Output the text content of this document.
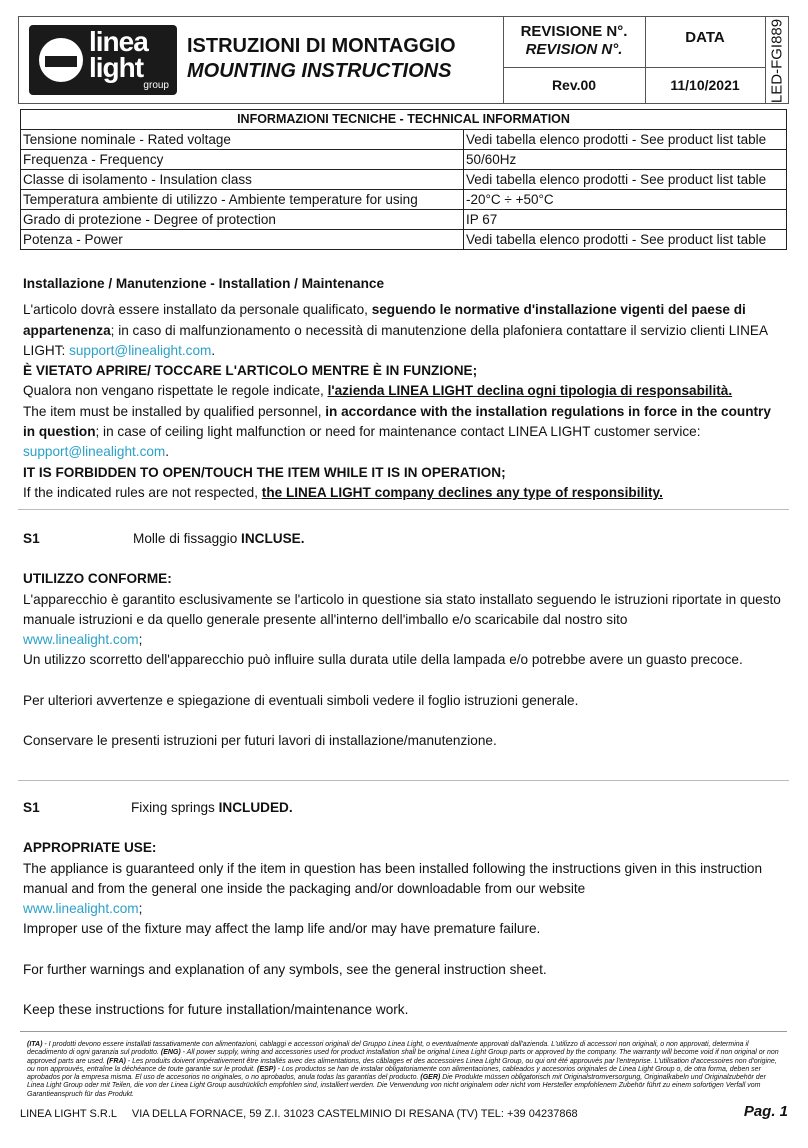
linea light
group
ISTRUZIONI DI MONTAGGIO
MOUNTING INSTRUCTIONS
REVISIONE N°.
REVISION N°.
DATA
Rev.00	11/10/2021	LED-FGI889
INFORMAZIONI TECNICHE - TECHNICAL INFORMATION	
Tensione nominale - Rated voltage	Vedi tabella elenco prodotti - See product list table
Frequenza - Frequency	50/60Hz
Classe di isolamento - Insulation class	Vedi tabella elenco prodotti - See product list table
Temperatura ambiente di utilizzo - Ambiente temperature for using	-20°C ÷ +50°C
Grado di protezione - Degree of protection	IP 67
Potenza - Power	Vedi tabella elenco prodotti - See product list table
Installazione / Manutenzione - Installation / Maintenance
L'articolo dovrà essere installato da personale qualificato, seguendo le normative d'installazione vigenti del paese di appartenenza; in caso di malfunzionamento o necessità di manutenzione della plafoniera contattare il servizio clienti LINEA LIGHT: support@linealight.com.
È VIETATO APRIRE/ TOCCARE L'ARTICOLO MENTRE È IN FUNZIONE;
Qualora non vengano rispettate le regole indicate, l'azienda LINEA LIGHT declina ogni tipologia di responsabilità.
The item must be installed by qualified personnel, in accordance with the installation regulations in force in the country in question; in case of ceiling light malfunction or need for maintenance contact LINEA LIGHT customer service:
support@linealight.com.
IT IS FORBIDDEN TO OPEN/TOUCH THE ITEM WHILE IT IS IN OPERATION;
If the indicated rules are not respected, the LINEA LIGHT company declines any type of responsibility.
S1	Molle di fissaggio INCLUSE.
UTILIZZO CONFORME:
L'apparecchio è garantito esclusivamente se l'articolo in questione sia stato installato seguendo le istruzioni riportate in questo manuale istruzioni e da quello generale presente all'interno dell'imballo e/o scaricabile dal nostro sito
www.linealight.com;
Un utilizzo scorretto dell'apparecchio può influire sulla durata utile della lampada e/o potrebbe avere un guasto precoce.
Per ulteriori avvertenze e spiegazione di eventuali simboli vedere il foglio istruzioni generale.
Conservare le presenti istruzioni per futuri lavori di installazione/manutenzione.
S1	Fixing springs INCLUDED.
APPROPRIATE USE:
The appliance is guaranteed only if the item in question has been installed following the instructions given in this instruction manual and from the general one inside the packaging and/or downloadable from our website
www.linealight.com;
Improper use of the fixture may affect the lamp life and/or may have premature failure.
For further warnings and explanation of any symbols, see the general instruction sheet.
Keep these instructions for future installation/maintenance work.
(ITA) - I prodotti devono essere installati tassativamente con alimentazioni, cablaggi e accessori originali del Gruppo Linea Light, o eventualmente approvati dall'azienda. L'utilizzo di accessori non originali, o non approvati, determina il decadimento di ogni garanzia sul prodotto. (ENG) - All power supply, wiring and accessories used for product installation shall be original Linea Light Group parts or approved by the company. The warranty will become void if non original or non approved parts are used. (FRA) - Les produits doivent impérativement être installés avec des alimentations, des câblages et des accessoires Linea Light Group, ou qui ont été approuvés par l'entreprise. L'utilisation d'accessoires non d'origine, ou non approuvés, entraîne la déchéance de toute garantie sur le produit. (ESP) - Los productos se han de instalar obligatoriamente con alimentaciones, cableados y accesorios originales de Linea Light Group o, de otra forma, deben ser aprobados por la empresa misma. El uso de accesorios no originales, o no aprobados, anula todas las garantías del producto. (GER) Die Produkte müssen obligatorisch mit Originalstromversorgung, Originalkabeln und Originalzubehör der Linea Light Group oder mit Teilen, die von der Linea Light Group ausdrücklich empfohlen sind, installiert werden. Die Verwendung von nicht originalem oder nicht vom Hersteller empfohlenem Zubehör führt zu einem sofortigen Verfall vom Garantieanspruch für das Produkt.
LINEA LIGHT S.R.L     VIA DELLA FORNACE, 59 Z.I. 31023 CASTELMINIO DI RESANA (TV) TEL: +39 04237868	Pag. 1
